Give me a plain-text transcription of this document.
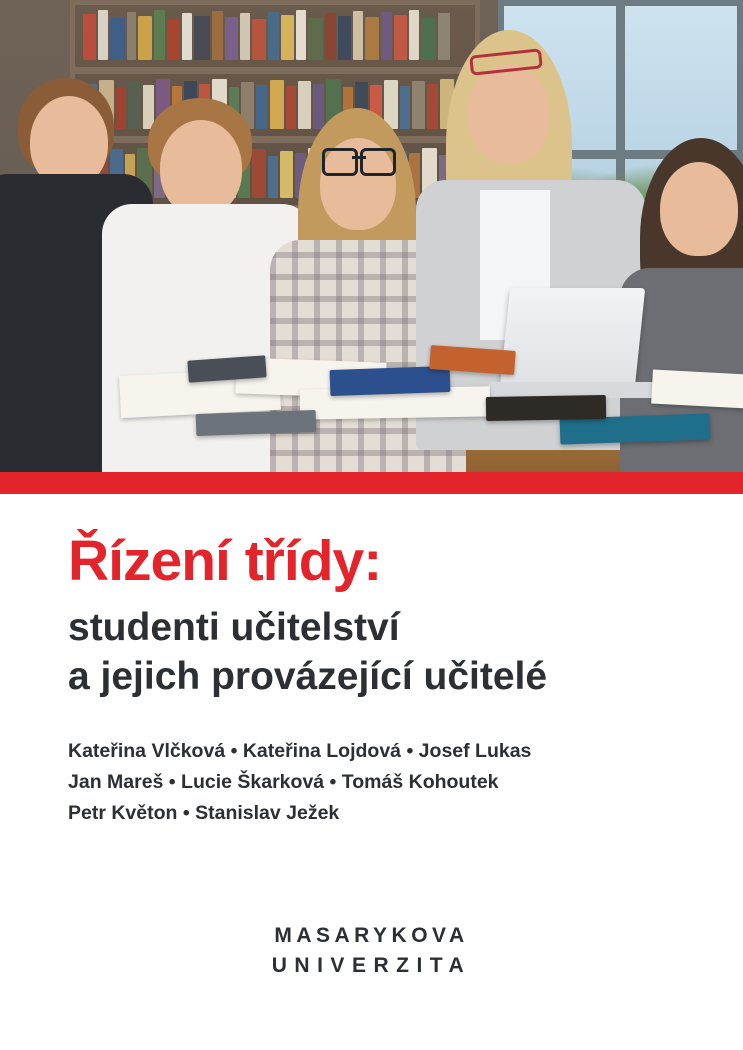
Řízení třídy:
studenti učitelství
a jejich provázející učitelé
Kateřina Vlčková • Kateřina Lojdová • Josef Lukas
Jan Mareš • Lucie Škarková • Tomáš Kohoutek
Petr Květon • Stanislav Ježek
MASARYKOVA
UNIVERZITA
